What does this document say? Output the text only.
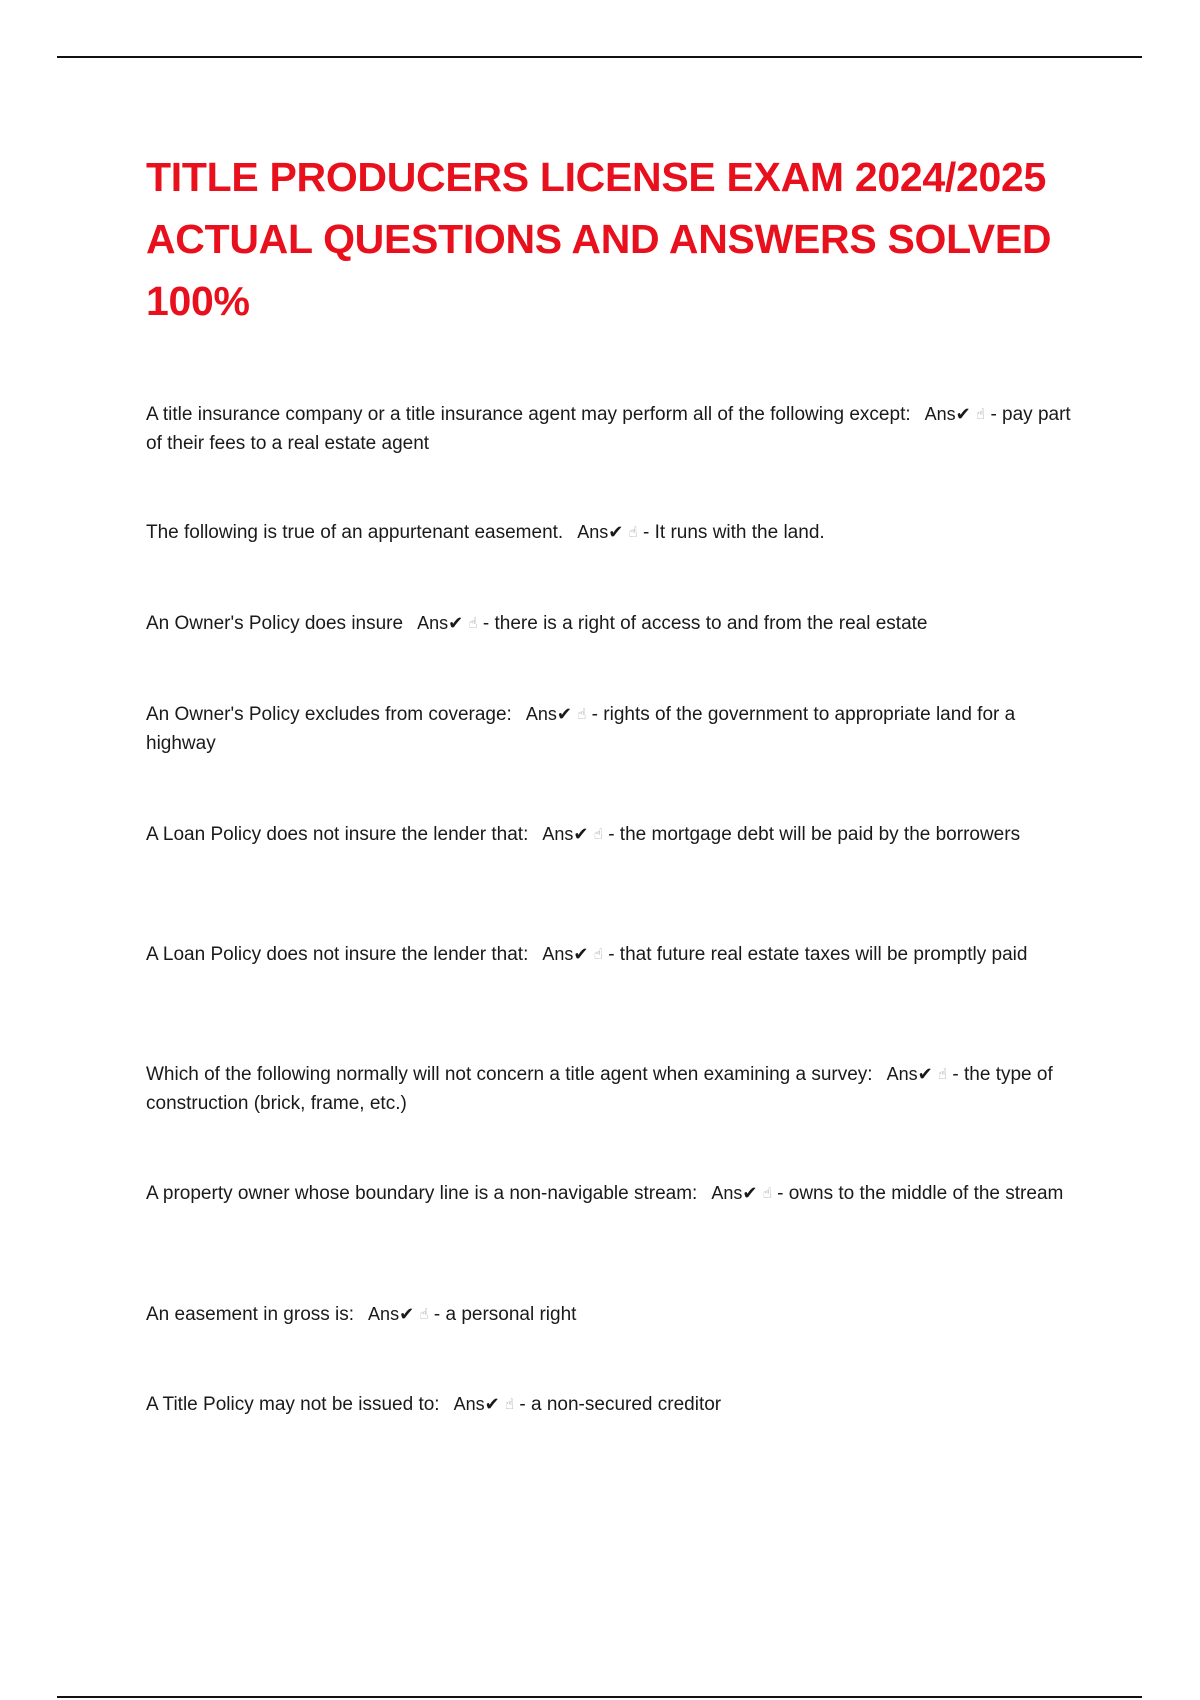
TITLE PRODUCERS LICENSE EXAM 2024/2025 ACTUAL QUESTIONS AND ANSWERS SOLVED 100%

A title insurance company or a title insurance agent may perform all of the following except: Ans✔ ☝ - pay part of their fees to a real estate agent

The following is true of an appurtenant easement. Ans✔ ☝ - It runs with the land.

An Owner's Policy does insure Ans✔ ☝ - there is a right of access to and from the real estate

An Owner's Policy excludes from coverage: Ans✔ ☝ - rights of the government to appropriate land for a highway

A Loan Policy does not insure the lender that: Ans✔ ☝ - the mortgage debt will be paid by the borrowers

A Loan Policy does not insure the lender that: Ans✔ ☝ - that future real estate taxes will be promptly paid

Which of the following normally will not concern a title agent when examining a survey: Ans✔ ☝ - the type of construction (brick, frame, etc.)

A property owner whose boundary line is a non-navigable stream: Ans✔ ☝ - owns to the middle of the stream

An easement in gross is: Ans✔ ☝ - a personal right

A Title Policy may not be issued to: Ans✔ ☝ - a non-secured creditor
